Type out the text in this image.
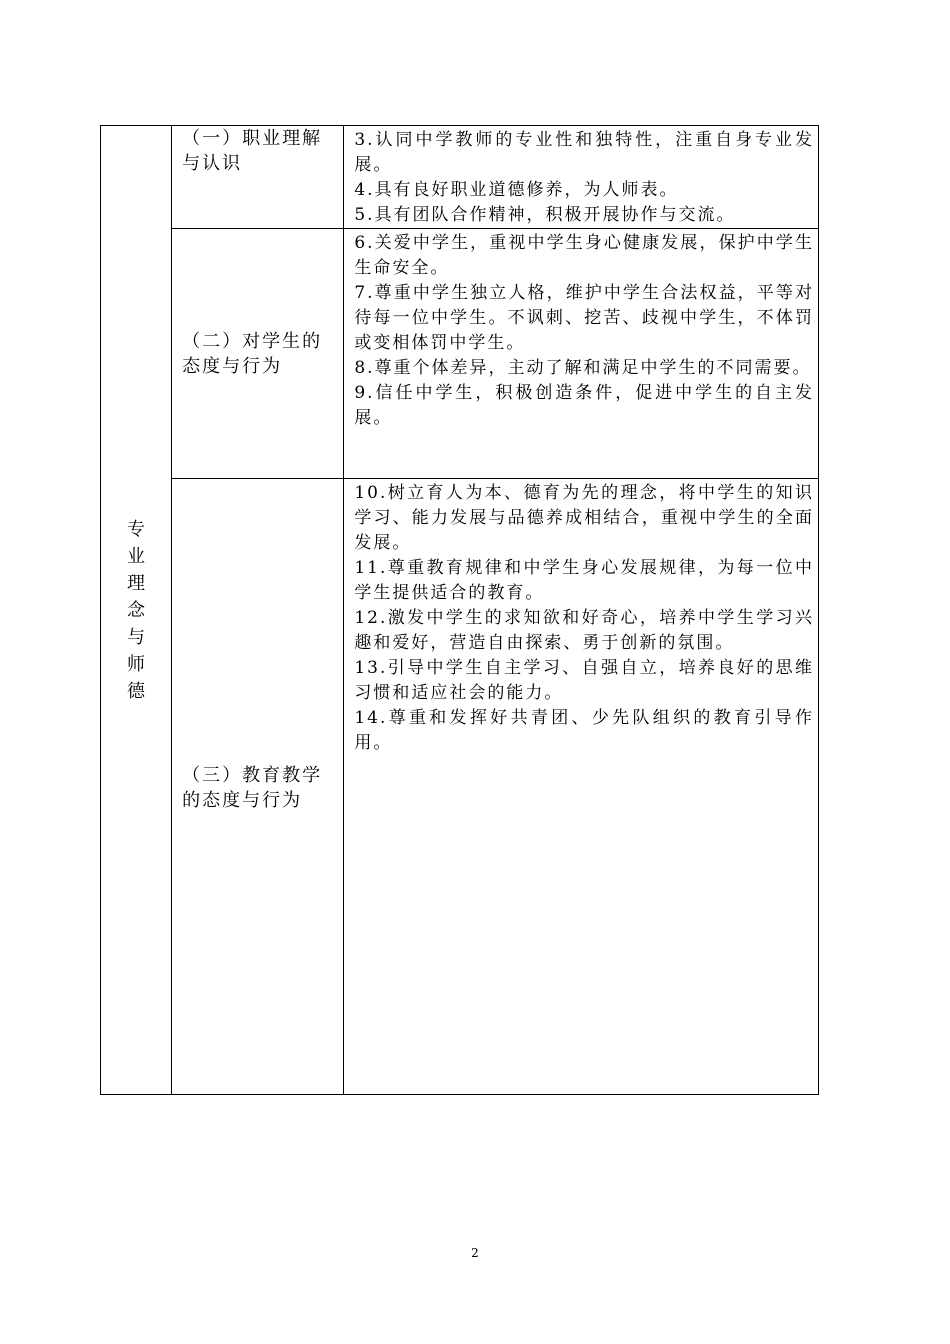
专业理念与师德	（一）职业理解与认识	3.认同中学教师的专业性和独特性，注重自身专业发展。
4.具有良好职业道德修养，为人师表。
5.具有团队合作精神，积极开展协作与交流。

	（二）对学生的态度与行为	6.关爱中学生，重视中学生身心健康发展，保护中学生生命安全。
7.尊重中学生独立人格，维护中学生合法权益，平等对待每一位中学生。不讽刺、挖苦、歧视中学生，不体罚或变相体罚中学生。
8.尊重个体差异，主动了解和满足中学生的不同需要。
9.信任中学生，积极创造条件，促进中学生的自主发展。

	（三）教育教学的态度与行为	10.树立育人为本、德育为先的理念，将中学生的知识学习、能力发展与品德养成相结合，重视中学生的全面发展。
11.尊重教育规律和中学生身心发展规律，为每一位中学生提供适合的教育。
12.激发中学生的求知欲和好奇心，培养中学生学习兴趣和爱好，营造自由探索、勇于创新的氛围。
13.引导中学生自主学习、自强自立，培养良好的思维习惯和适应社会的能力。
14.尊重和发挥好共青团、少先队组织的教育引导作用。
2
